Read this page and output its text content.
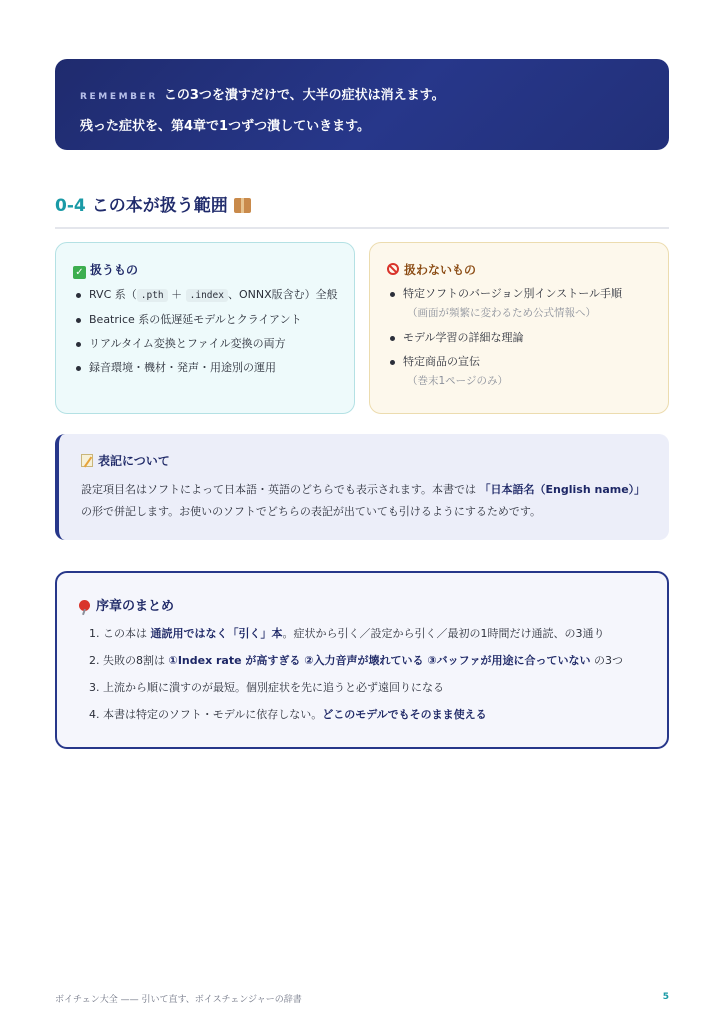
REMEMBER この3つを潰すだけで、大半の症状は消えます。
残った症状を、第4章で1つずつ潰していきます。
0-4 この本が扱う範囲
✓ 扱うもの
RVC 系（ .pth ＋ .index 、ONNX版含む）全般
Beatrice 系の低遅延モデルとクライアント
リアルタイム変換とファイル変換の両方
録音環境・機材・発声・用途別の運用
扱わないもの
特定ソフトのバージョン別インストール手順
（画面が頻繁に変わるため公式情報へ）
モデル学習の詳細な理論
特定商品の宣伝
（巻末1ページのみ）
表記について
設定項目名はソフトによって日本語・英語のどちらでも表示されます。本書では 「日本語名（English name）」 の形で併記します。お使いのソフトでどちらの表記が出ていても引けるようにするためです。
序章のまとめ
1. この本は 通読用ではなく「引く」本。症状から引く／設定から引く／最初の1時間だけ通読、の3通り
2. 失敗の8割は ①Index rate が高すぎる ②入力音声が壊れている ③バッファが用途に合っていない の3つ
3. 上流から順に潰すのが最短。個別症状を先に追うと必ず遠回りになる
4. 本書は特定のソフト・モデルに依存しない。どこのモデルでもそのまま使える
ボイチェン大全 —— 引いて直す、ボイスチェンジャーの辞書	5
